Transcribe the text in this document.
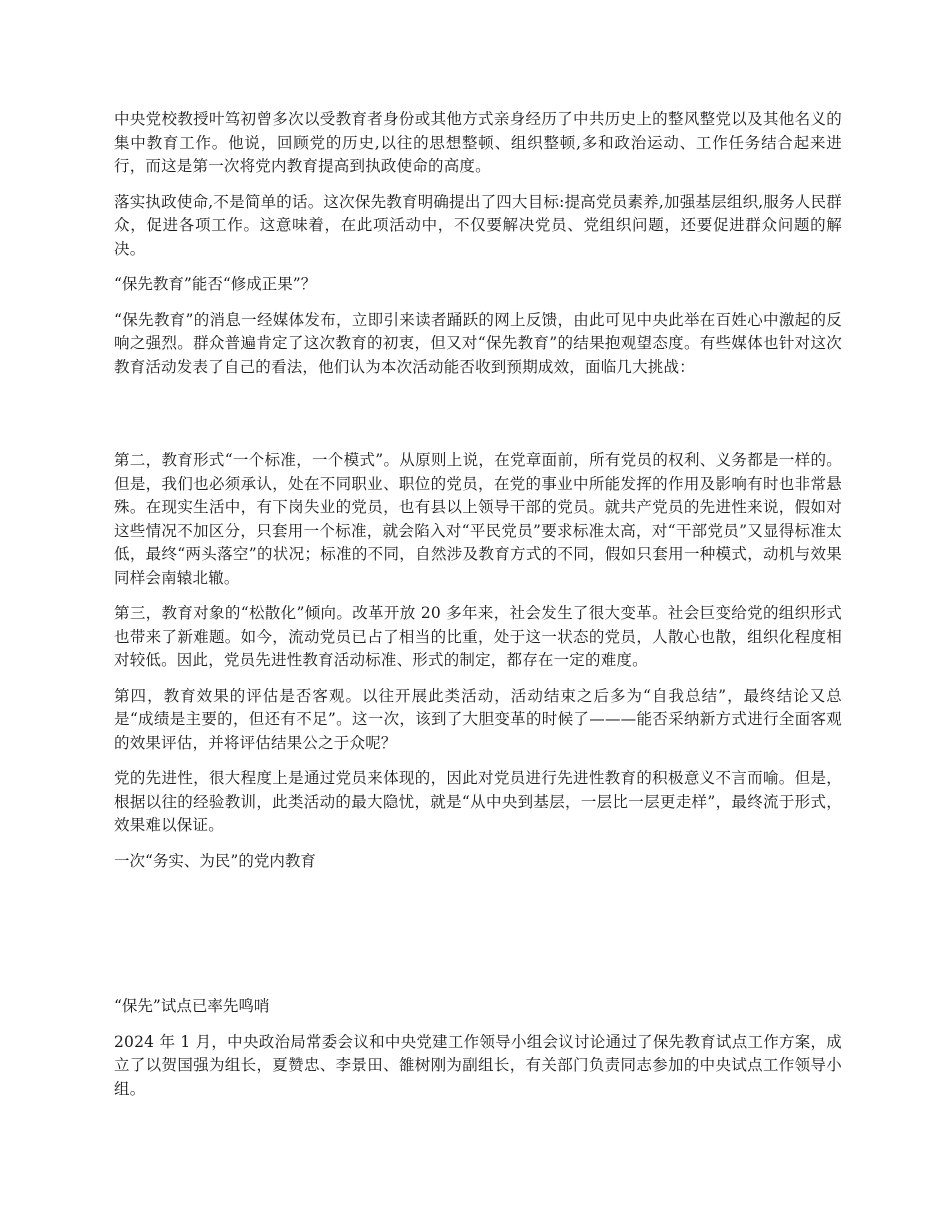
中央党校教授叶笃初曾多次以受教育者身份或其他方式亲身经历了中共历史上的整风整党以及其他名义的集中教育工作。他说，回顾党的历史,以往的思想整顿、组织整顿,多和政治运动、工作任务结合起来进行，而这是第一次将党内教育提高到执政使命的高度。

落实执政使命,不是简单的话。这次保先教育明确提出了四大目标:提高党员素养,加强基层组织,服务人民群众，促进各项工作。这意味着，在此项活动中，不仅要解决党员、党组织问题，还要促进群众问题的解决。

“保先教育”能否“修成正果”？

“保先教育”的消息一经媒体发布，立即引来读者踊跃的网上反馈，由此可见中央此举在百姓心中激起的反响之强烈。群众普遍肯定了这次教育的初衷，但又对“保先教育”的结果抱观望态度。有些媒体也针对这次教育活动发表了自己的看法，他们认为本次活动能否收到预期成效，面临几大挑战：

第二，教育形式“一个标准，一个模式”。从原则上说，在党章面前，所有党员的权利、义务都是一样的。但是，我们也必须承认，处在不同职业、职位的党员，在党的事业中所能发挥的作用及影响有时也非常悬殊。在现实生活中，有下岗失业的党员，也有县以上领导干部的党员。就共产党员的先进性来说，假如对这些情况不加区分，只套用一个标准，就会陷入对“平民党员”要求标准太高，对“干部党员”又显得标准太低，最终“两头落空”的状况；标准的不同，自然涉及教育方式的不同，假如只套用一种模式，动机与效果同样会南辕北辙。

第三，教育对象的“松散化”倾向。改革开放 20 多年来，社会发生了很大变革。社会巨变给党的组织形式也带来了新难题。如今，流动党员已占了相当的比重，处于这一状态的党员，人散心也散，组织化程度相对较低。因此，党员先进性教育活动标准、形式的制定，都存在一定的难度。

第四，教育效果的评估是否客观。以往开展此类活动，活动结束之后多为“自我总结”，最终结论又总是“成绩是主要的，但还有不足”。这一次，该到了大胆变革的时候了———能否采纳新方式进行全面客观的效果评估，并将评估结果公之于众呢？

党的先进性，很大程度上是通过党员来体现的，因此对党员进行先进性教育的积极意义不言而喻。但是，根据以往的经验教训，此类活动的最大隐忧，就是“从中央到基层，一层比一层更走样”，最终流于形式，效果难以保证。

一次“务实、为民”的党内教育

“保先”试点已率先鸣哨

2024 年 1 月，中央政治局常委会议和中央党建工作领导小组会议讨论通过了保先教育试点工作方案，成立了以贺国强为组长，夏赞忠、李景田、雒树刚为副组长，有关部门负责同志参加的中央试点工作领导小组。
